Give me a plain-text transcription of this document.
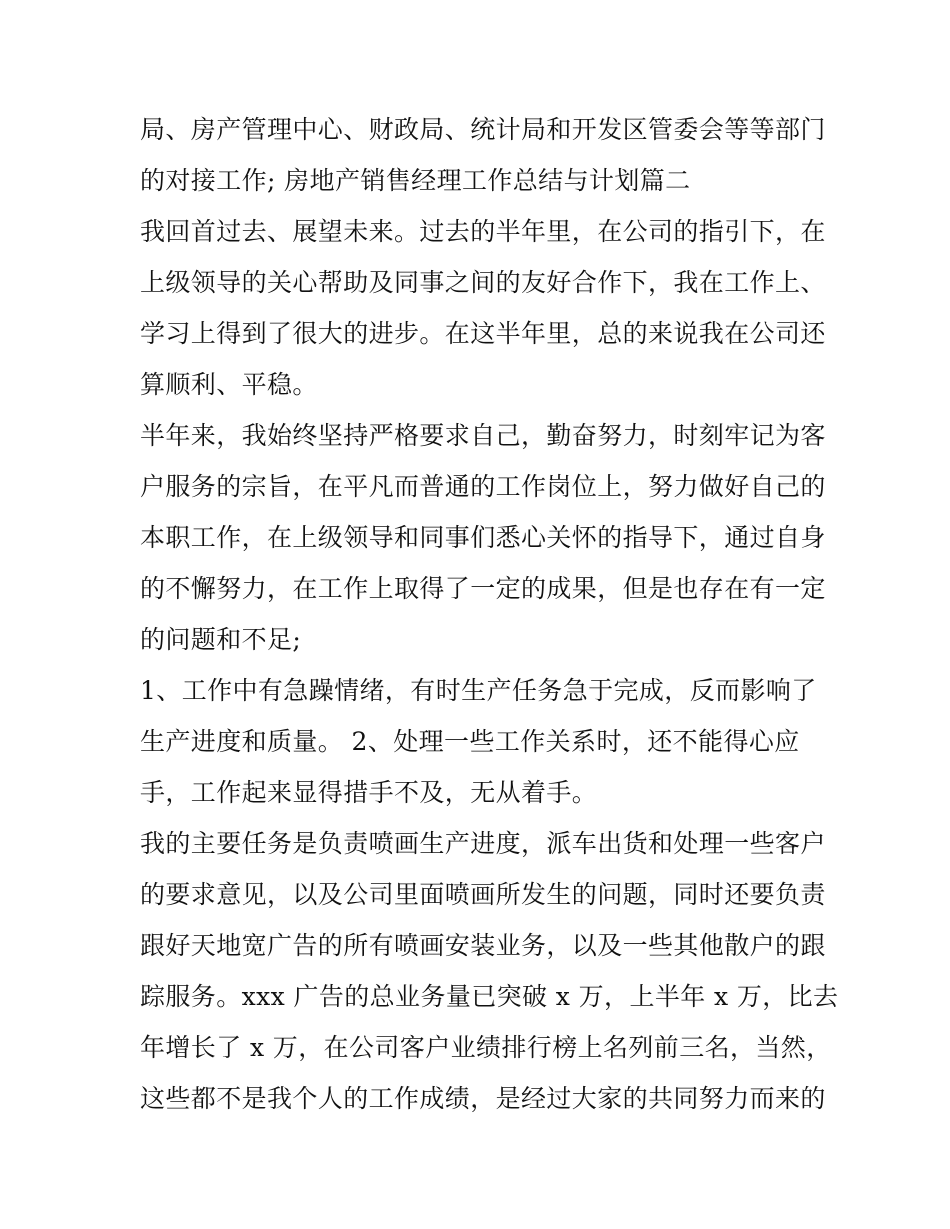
局、房产管理中心、财政局、统计局和开发区管委会等等部门
的对接工作; 房地产销售经理工作总结与计划篇二
我回首过去、展望未来。过去的半年里，在公司的指引下，在
上级领导的关心帮助及同事之间的友好合作下，我在工作上、
学习上得到了很大的进步。在这半年里，总的来说我在公司还
算顺利、平稳。
半年来，我始终坚持严格要求自己，勤奋努力，时刻牢记为客
户服务的宗旨，在平凡而普通的工作岗位上，努力做好自己的
本职工作，在上级领导和同事们悉心关怀的指导下，通过自身
的不懈努力，在工作上取得了一定的成果，但是也存在有一定
的问题和不足;
1、工作中有急躁情绪，有时生产任务急于完成，反而影响了
生产进度和质量。 2、处理一些工作关系时，还不能得心应
手，工作起来显得措手不及，无从着手。
我的主要任务是负责喷画生产进度，派车出货和处理一些客户
的要求意见，以及公司里面喷画所发生的问题，同时还要负责
跟好天地宽广告的所有喷画安装业务，以及一些其他散户的跟
踪服务。xxx 广告的总业务量已突破 x 万，上半年 x 万，比去
年增长了 x 万，在公司客户业绩排行榜上名列前三名，当然，
这些都不是我个人的工作成绩，是经过大家的共同努力而来的
